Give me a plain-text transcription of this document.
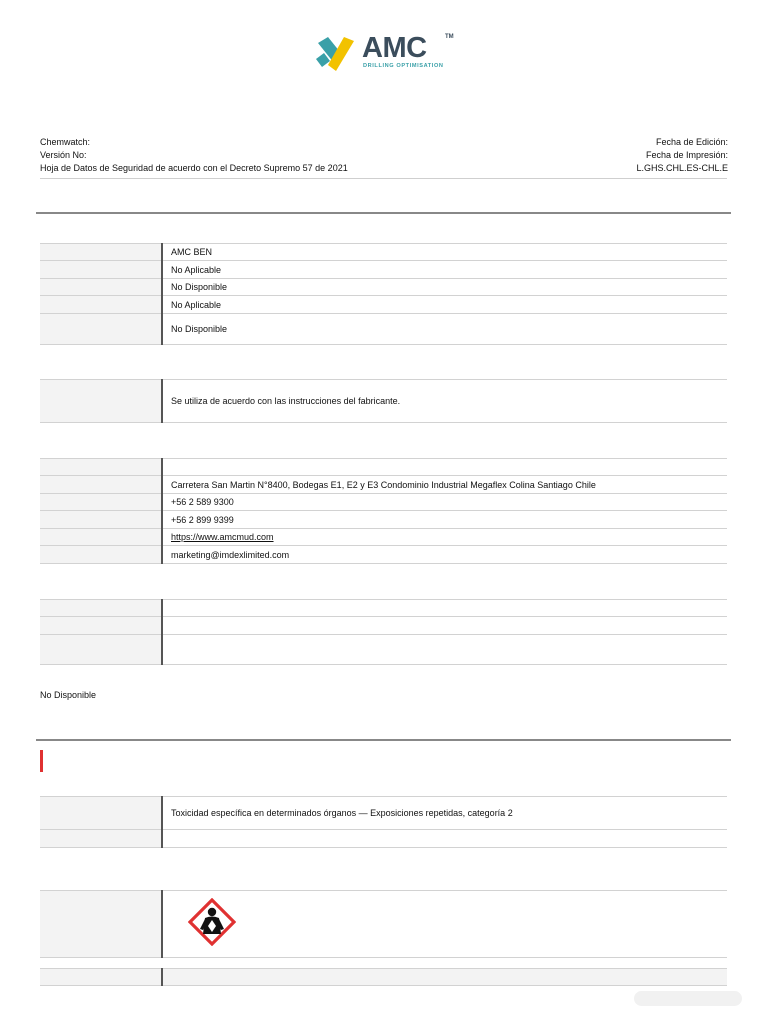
AMC	TM
DRILLING OPTIMISATION
Chemwatch:
Versión No:
Hoja de Datos de Seguridad de acuerdo con el Decreto Supremo 57 de 2021
Fecha de Edición:
Fecha de Impresión:
L.GHS.CHL.ES-CHL.E
	AMC BEN
	No Aplicable
	No Disponible
	No Aplicable
	No Disponible
	Se utiliza de acuerdo con las instrucciones del fabricante.

	Carretera San Martin N°8400, Bodegas E1, E2 y E3 Condominio Industrial Megaflex Colina Santiago Chile
	+56 2 589 9300
	+56 2 899 9399
	https://www.amcmud.com
	marketing@imdexlimited.com

No Disponible
	Toxicidad específica en determinados órganos — Exposiciones repetidas, categoría 2
